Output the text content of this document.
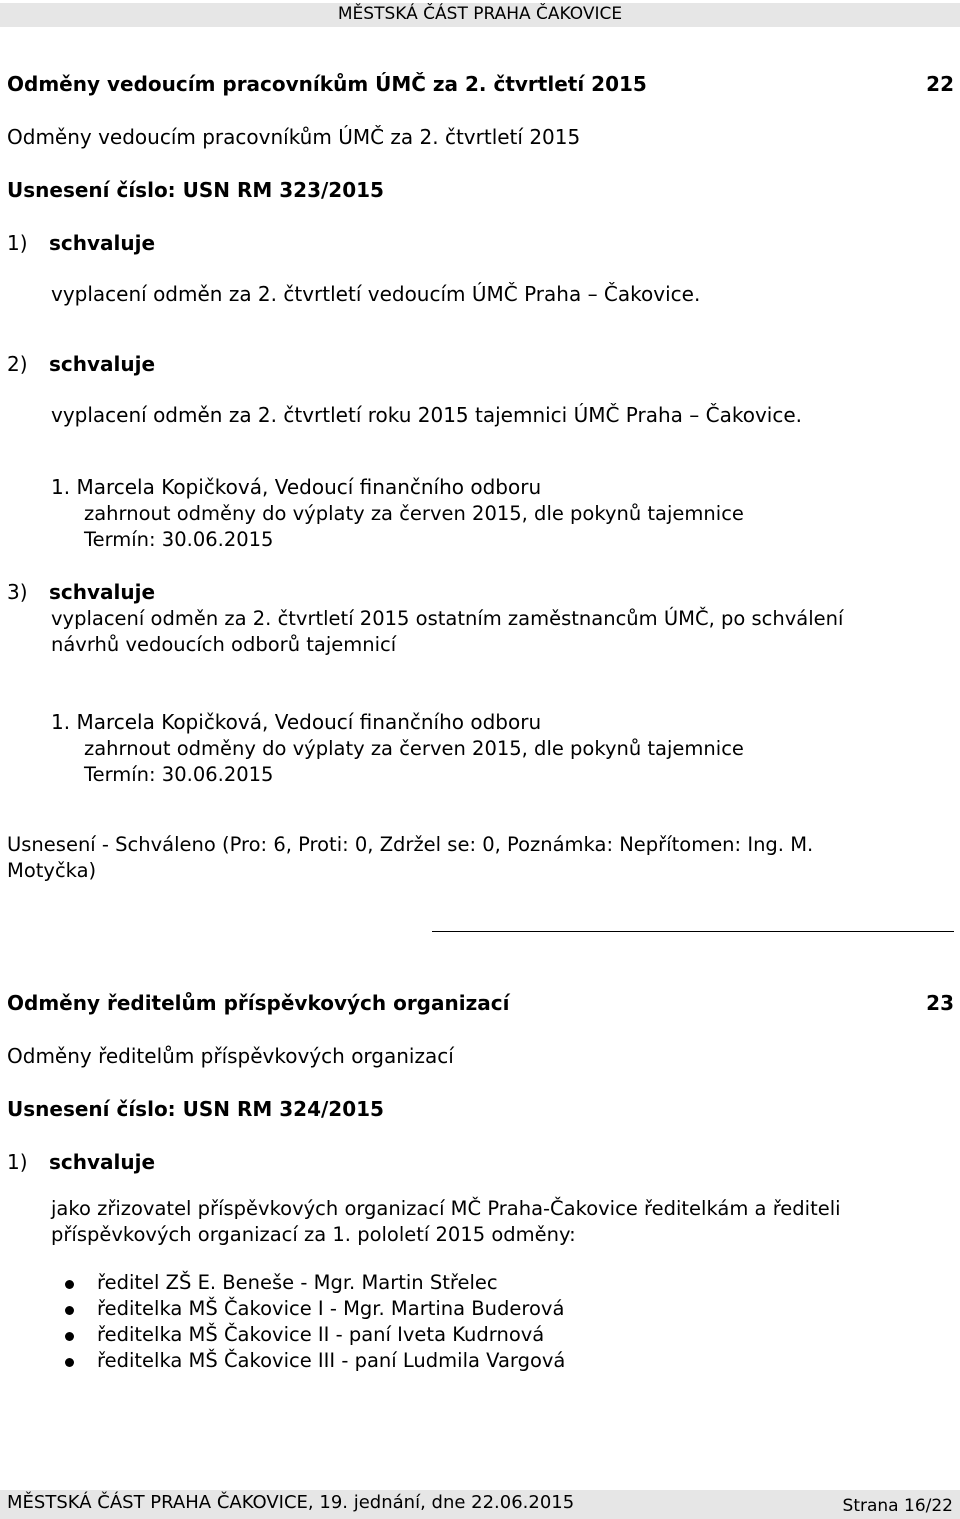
MĚSTSKÁ ČÁST PRAHA ČAKOVICE
Odměny vedoucím pracovníkům ÚMČ za 2. čtvrtletí 2015	22
Odměny vedoucím pracovníkům ÚMČ za 2. čtvrtletí 2015
Usnesení číslo: USN RM 323/2015
1) schvaluje
vyplacení odměn za 2. čtvrtletí vedoucím ÚMČ Praha – Čakovice.
2) schvaluje
vyplacení odměn za 2. čtvrtletí roku 2015 tajemnici ÚMČ Praha – Čakovice.
1. Marcela Kopičková, Vedoucí finančního odboru
zahrnout odměny do výplaty za červen 2015, dle pokynů tajemnice
Termín: 30.06.2015
3) schvaluje
vyplacení odměn za 2. čtvrtletí 2015 ostatním zaměstnancům ÚMČ, po schválení
návrhů vedoucích odborů tajemnicí
1. Marcela Kopičková, Vedoucí finančního odboru
zahrnout odměny do výplaty za červen 2015, dle pokynů tajemnice
Termín: 30.06.2015
Usnesení - Schváleno (Pro: 6, Proti: 0, Zdržel se: 0, Poznámka: Nepřítomen: Ing. M.
Motyčka)
Odměny ředitelům příspěvkových organizací	23
Odměny ředitelům příspěvkových organizací
Usnesení číslo: USN RM 324/2015
1) schvaluje
jako zřizovatel příspěvkových organizací MČ Praha-Čakovice ředitelkám a řediteli
příspěvkových organizací za 1. pololetí 2015 odměny:
ředitel ZŠ E. Beneše - Mgr. Martin Střelec
ředitelka MŠ Čakovice I - Mgr. Martina Buderová
ředitelka MŠ Čakovice II - paní Iveta Kudrnová
ředitelka MŠ Čakovice III - paní Ludmila Vargová
MĚSTSKÁ ČÁST PRAHA ČAKOVICE, 19. jednání, dne 22.06.2015	Strana 16/22
